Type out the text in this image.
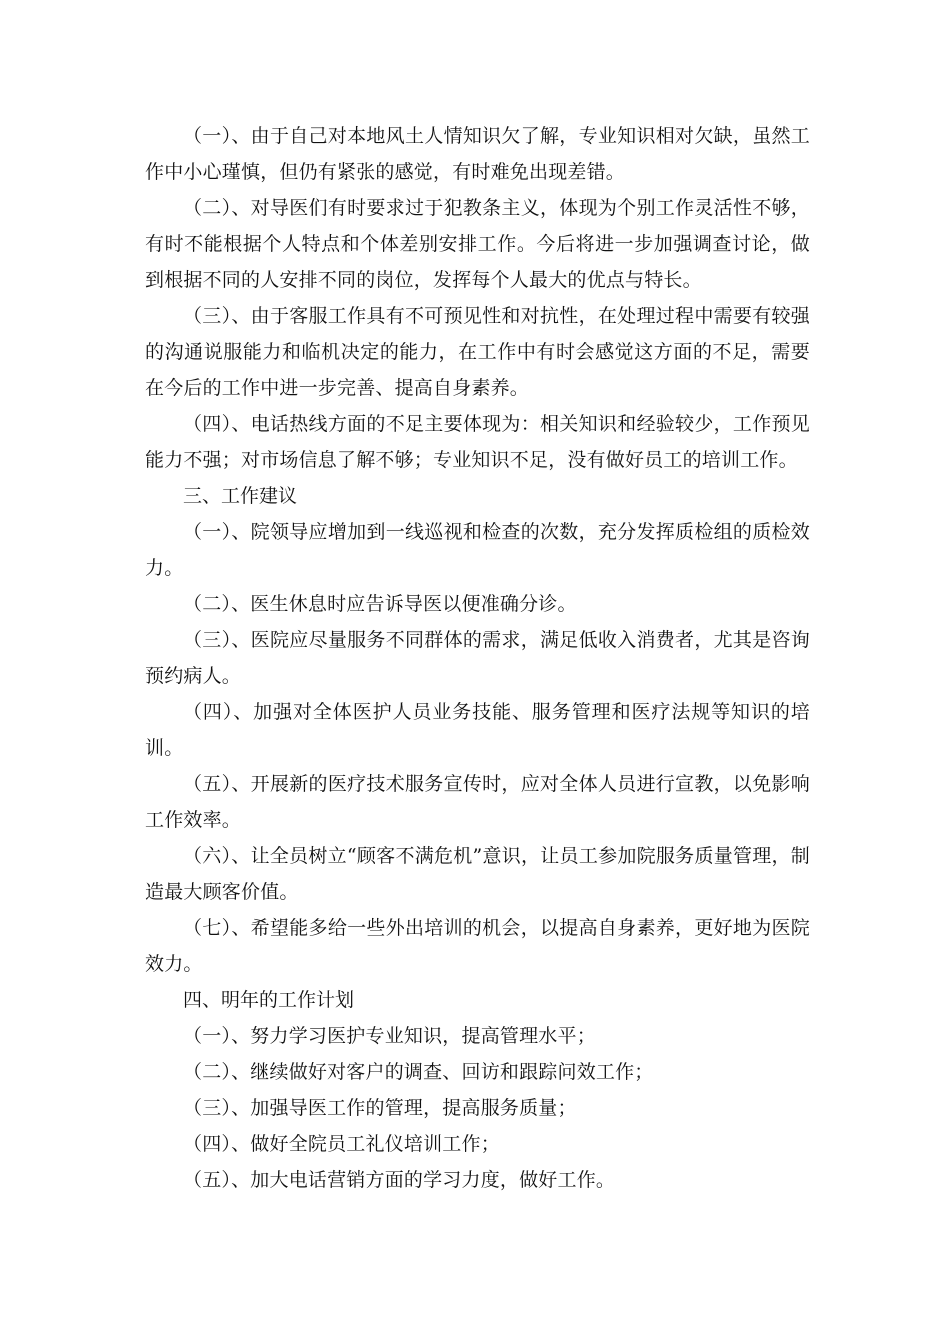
（一）、由于自己对本地风土人情知识欠了解，专业知识相对欠缺，虽然工作中小心瑾慎，但仍有紧张的感觉，有时难免出现差错。

（二）、对导医们有时要求过于犯教条主义，体现为个别工作灵活性不够，有时不能根据个人特点和个体差别安排工作。今后将进一步加强调查讨论，做到根据不同的人安排不同的岗位，发挥每个人最大的优点与特长。

（三）、由于客服工作具有不可预见性和对抗性，在处理过程中需要有较强的沟通说服能力和临机决定的能力，在工作中有时会感觉这方面的不足，需要在今后的工作中进一步完善、提高自身素养。

（四）、电话热线方面的不足主要体现为：相关知识和经验较少，工作预见能力不强；对市场信息了解不够；专业知识不足，没有做好员工的培训工作。

三、工作建议

（一）、院领导应增加到一线巡视和检查的次数，充分发挥质检组的质检效力。

（二）、医生休息时应告诉导医以便准确分诊。

（三）、医院应尽量服务不同群体的需求，满足低收入消费者，尤其是咨询预约病人。

（四）、加强对全体医护人员业务技能、服务管理和医疗法规等知识的培训。

（五）、开展新的医疗技术服务宣传时，应对全体人员进行宣教，以免影响工作效率。

（六）、让全员树立“顾客不满危机”意识，让员工参加院服务质量管理，制造最大顾客价值。

（七）、希望能多给一些外出培训的机会，以提高自身素养，更好地为医院效力。

四、明年的工作计划

（一）、努力学习医护专业知识，提高管理水平；

（二）、继续做好对客户的调查、回访和跟踪问效工作；

（三）、加强导医工作的管理，提高服务质量；

（四）、做好全院员工礼仪培训工作；

（五）、加大电话营销方面的学习力度，做好工作。
